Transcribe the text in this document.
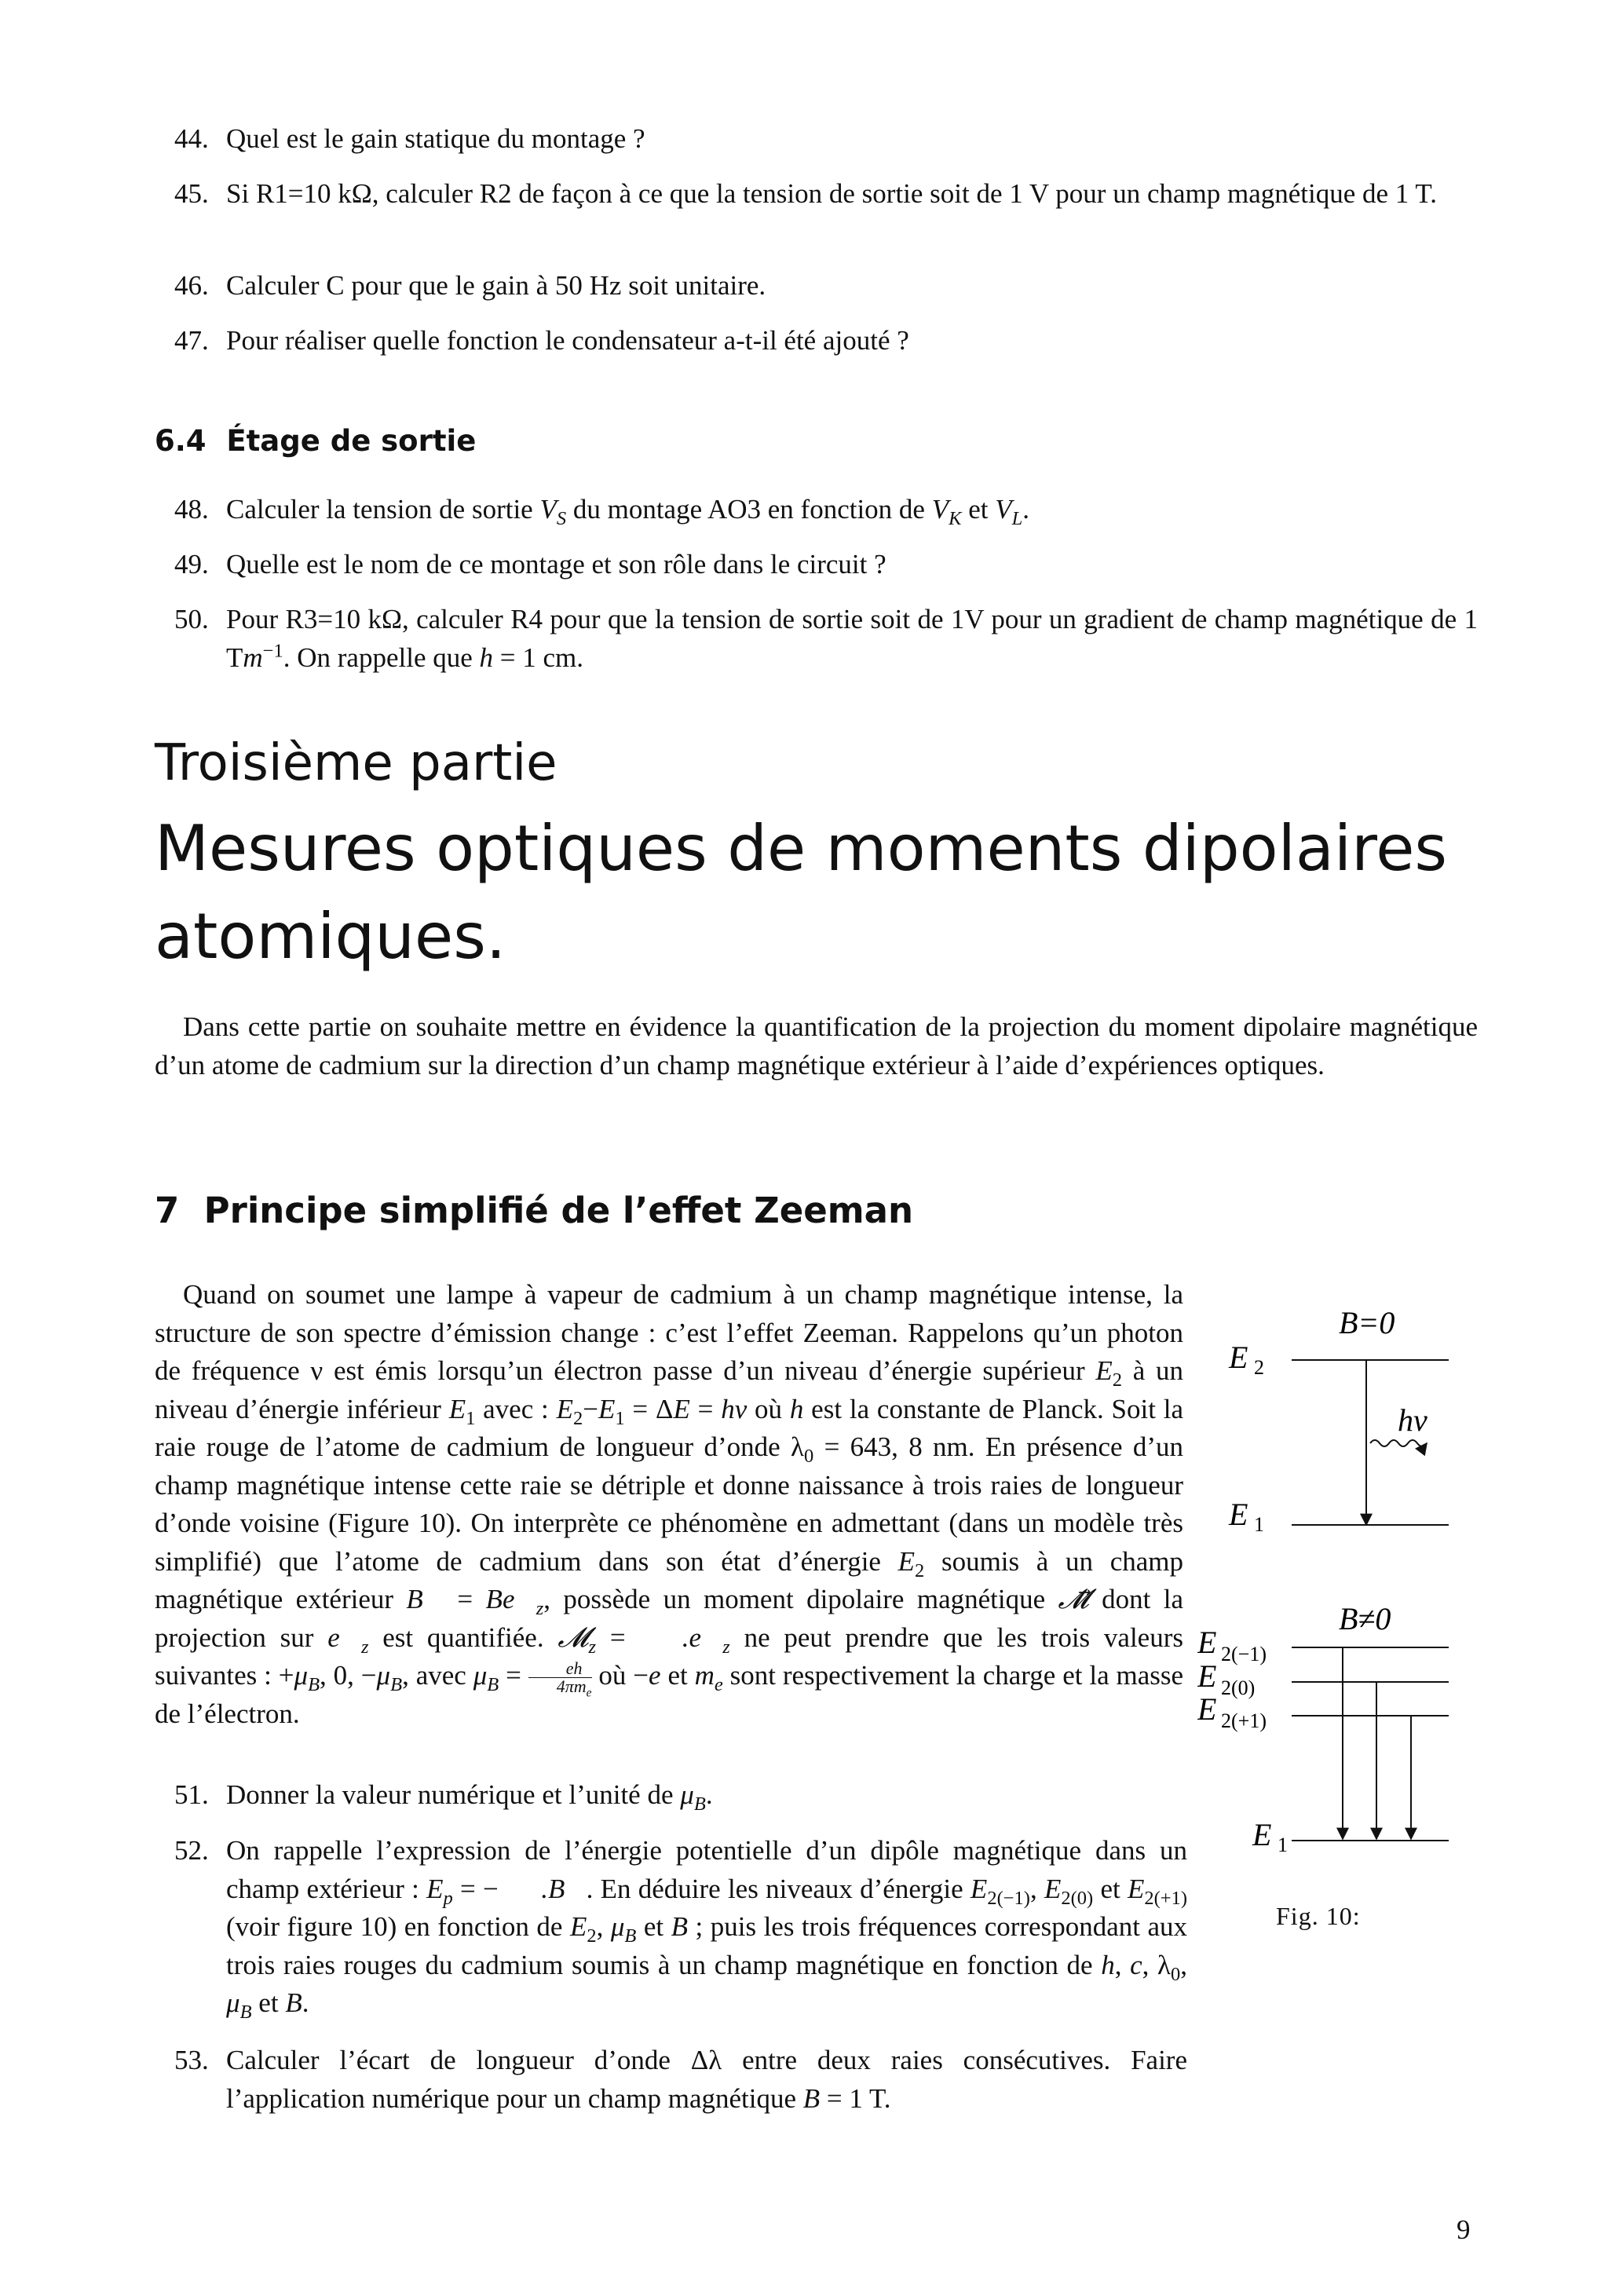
44. Quel est le gain statique du montage ?
45. Si R1=10 kΩ, calculer R2 de façon à ce que la tension de sortie soit de 1 V pour un champ magnétique de 1 T.
46. Calculer C pour que le gain à 50 Hz soit unitaire.
47. Pour réaliser quelle fonction le condensateur a-t-il été ajouté ?
6.4 Étage de sortie
48. Calculer la tension de sortie $V_S$ du montage AO3 en fonction de $V_K$ et $V_L$.
49. Quelle est le nom de ce montage et son rôle dans le circuit ?
50. Pour R3=10 kΩ, calculer R4 pour que la tension de sortie soit de 1V pour un gradient de champ magnétique de 1 $Tm^{-1}$. On rappelle que h = 1 cm.
Troisième partie
Mesures optiques de moments dipolaires atomiques.
Dans cette partie on souhaite mettre en évidence la quantification de la projection du moment dipolaire magnétique d’un atome de cadmium sur la direction d’un champ magnétique extérieur à l’aide d’expériences optiques.
7 Principe simplifié de l’effet Zeeman
Quand on soumet une lampe à vapeur de cadmium à un champ magnétique intense, la structure de son spectre d’émission change : c’est l’effet Zeeman. Rappelons qu’un photon de fréquence ν est émis lorsqu’un électron passe d’un niveau d’énergie supérieur $E_2$ à un niveau d’énergie inférieur $E_1$ avec : $E_2-E_1 = \Delta E = h\nu$ où h est la constante de Planck. Soit la raie rouge de l’atome de cadmium de longueur d’onde $\lambda_0 = 643$, 8 nm. En présence d’un champ magnétique intense cette raie se détriple et donne naissance à trois raies de longueur d’onde voisine (Figure 10). On interprète ce phénomène en admettant (dans un modèle très simplifié) que l’atome de cadmium dans son état d’énergie $E_2$ soumis à un champ magnétique extérieur B⃗ = $Be⃗_z$, possède un moment dipolaire magnétique 𝓜⃗ dont la projection sur $e⃗_z$ est quantifiée. 𝓜$_z$ = $𝓜⃗.e⃗_z$ ne peut prendre que les trois valeurs suivantes : $+\mu_B$, 0, $-\mu_B$, avec $\mu_B$ =	eh
$4\pi m_e$
où −e et $m_e$ sont respectivement la charge et la masse de l’électron.
51. Donner la valeur numérique et l’unité de $\mu_B$.
52. On rappelle l’expression de l’énergie potentielle d’un dipôle magnétique dans un champ extérieur : $E_p$ = −𝓜⃗.B⃗. En déduire les niveaux d’énergie $E_{2(-1)}$, $E_{2(0)}$ et $E_{2(+1)}$ (voir figure 10) en fonction de $E_2$, $\mu_B$ et B ; puis les trois fréquences correspondant aux trois raies rouges du cadmium soumis à un champ magnétique en fonction de h, c, $\lambda_0$, $\mu_B$ et B.
53. Calculer l’écart de longueur d’onde Δλ entre deux raies consécutives. Faire l’application numérique pour un champ magnétique B = 1 T.
B=0
E 2
hν
E 1
B≠0
E 2(−1)
E 2(0)
E 2(+1)
E 1
Fig. 10:
9
